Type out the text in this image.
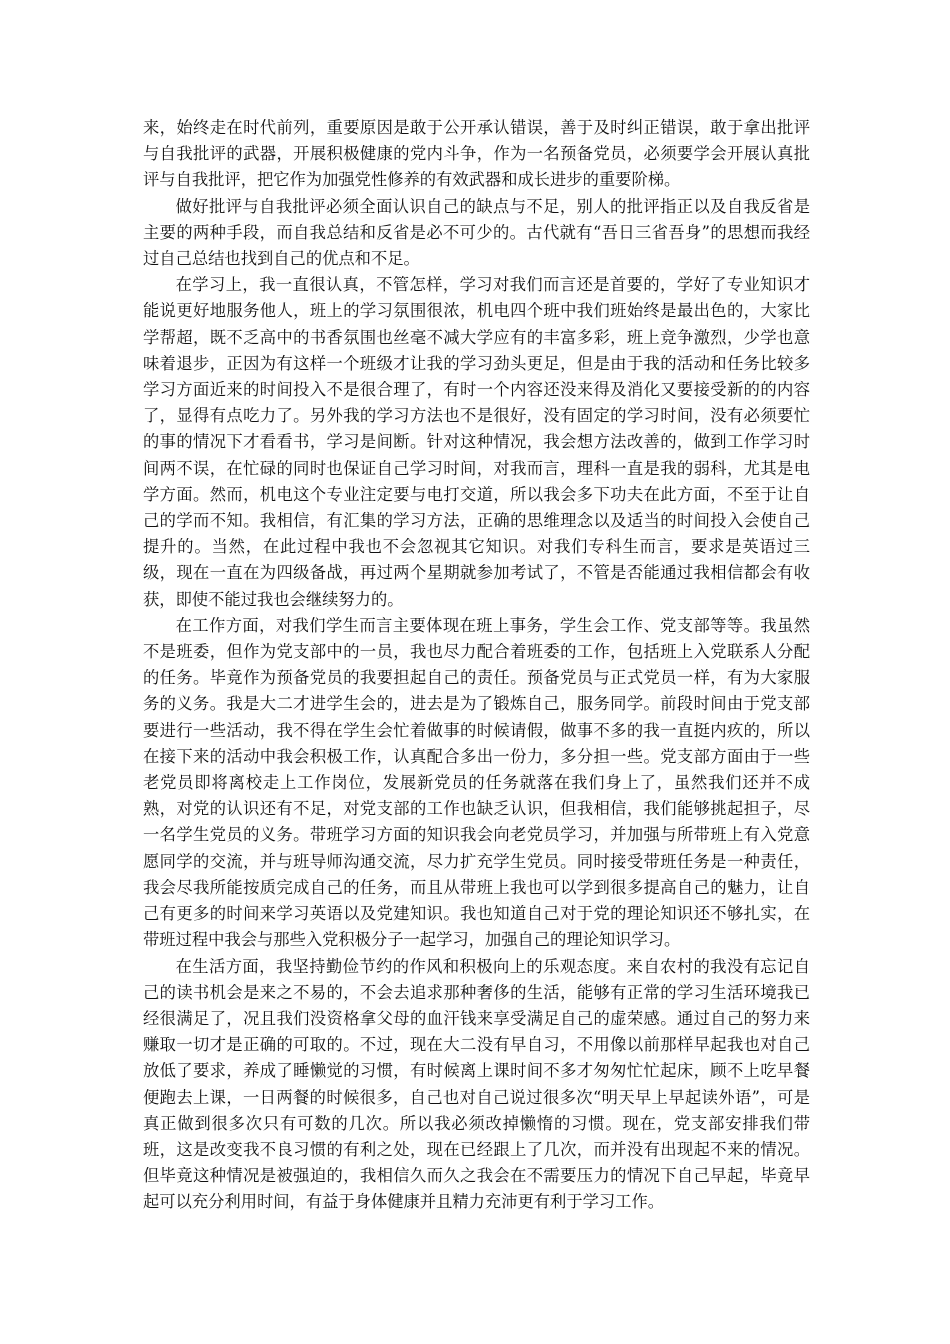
来，始终走在时代前列，重要原因是敢于公开承认错误，善于及时纠正错误，敢于拿出批评与自我批评的武器，开展积极健康的党内斗争，作为一名预备党员，必须要学会开展认真批评与自我批评，把它作为加强党性修养的有效武器和成长进步的重要阶梯。

做好批评与自我批评必须全面认识自己的缺点与不足，别人的批评指正以及自我反省是主要的两种手段，而自我总结和反省是必不可少的。古代就有“吾日三省吾身”的思想而我经过自己总结也找到自己的优点和不足。

在学习上，我一直很认真，不管怎样，学习对我们而言还是首要的，学好了专业知识才能说更好地服务他人，班上的学习氛围很浓，机电四个班中我们班始终是最出色的，大家比学帮超，既不乏高中的书香氛围也丝毫不减大学应有的丰富多彩，班上竞争激烈，少学也意味着退步，正因为有这样一个班级才让我的学习劲头更足，但是由于我的活动和任务比较多学习方面近来的时间投入不是很合理了，有时一个内容还没来得及消化又要接受新的的内容了，显得有点吃力了。另外我的学习方法也不是很好，没有固定的学习时间，没有必须要忙的事的情况下才看看书，学习是间断。针对这种情况，我会想方法改善的，做到工作学习时间两不误，在忙碌的同时也保证自己学习时间，对我而言，理科一直是我的弱科，尤其是电学方面。然而，机电这个专业注定要与电打交道，所以我会多下功夫在此方面，不至于让自己的学而不知。我相信，有汇集的学习方法，正确的思维理念以及适当的时间投入会使自己提升的。当然，在此过程中我也不会忽视其它知识。对我们专科生而言，要求是英语过三级，现在一直在为四级备战，再过两个星期就参加考试了，不管是否能通过我相信都会有收获，即使不能过我也会继续努力的。

在工作方面，对我们学生而言主要体现在班上事务，学生会工作、党支部等等。我虽然不是班委，但作为党支部中的一员，我也尽力配合着班委的工作，包括班上入党联系人分配的任务。毕竟作为预备党员的我要担起自己的责任。预备党员与正式党员一样，有为大家服务的义务。我是大二才进学生会的，进去是为了锻炼自己，服务同学。前段时间由于党支部要进行一些活动，我不得在学生会忙着做事的时候请假，做事不多的我一直挺内疚的，所以在接下来的活动中我会积极工作，认真配合多出一份力，多分担一些。党支部方面由于一些老党员即将离校走上工作岗位，发展新党员的任务就落在我们身上了，虽然我们还并不成熟，对党的认识还有不足，对党支部的工作也缺乏认识，但我相信，我们能够挑起担子，尽一名学生党员的义务。带班学习方面的知识我会向老党员学习，并加强与所带班上有入党意愿同学的交流，并与班导师沟通交流，尽力扩充学生党员。同时接受带班任务是一种责任，我会尽我所能按质完成自己的任务，而且从带班上我也可以学到很多提高自己的魅力，让自己有更多的时间来学习英语以及党建知识。我也知道自己对于党的理论知识还不够扎实，在带班过程中我会与那些入党积极分子一起学习，加强自己的理论知识学习。

在生活方面，我坚持勤俭节约的作风和积极向上的乐观态度。来自农村的我没有忘记自己的读书机会是来之不易的，不会去追求那种奢侈的生活，能够有正常的学习生活环境我已经很满足了，况且我们没资格拿父母的血汗钱来享受满足自己的虚荣感。通过自己的努力来赚取一切才是正确的可取的。不过，现在大二没有早自习，不用像以前那样早起我也对自己放低了要求，养成了睡懒觉的习惯，有时候离上课时间不多才匆匆忙忙起床，顾不上吃早餐便跑去上课，一日两餐的时候很多，自己也对自己说过很多次“明天早上早起读外语”，可是真正做到很多次只有可数的几次。所以我必须改掉懒惰的习惯。现在，党支部安排我们带班，这是改变我不良习惯的有利之处，现在已经跟上了几次，而并没有出现起不来的情况。但毕竟这种情况是被强迫的，我相信久而久之我会在不需要压力的情况下自己早起，毕竟早起可以充分利用时间，有益于身体健康并且精力充沛更有利于学习工作。
